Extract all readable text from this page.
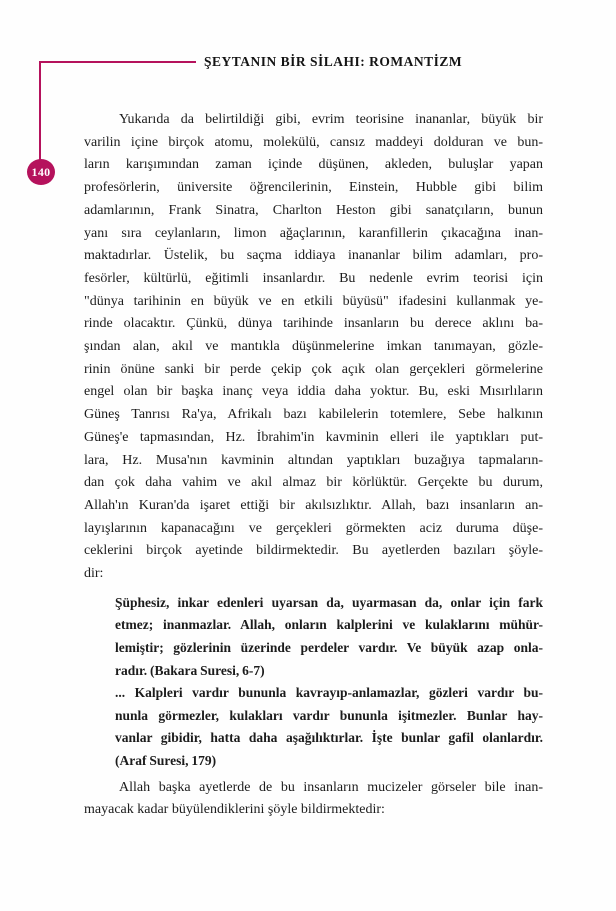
140
ŞEYTANIN BİR SİLAHI: ROMANTİZM
Yukarıda da belirtildiği gibi, evrim teorisine inananlar, büyük bir
varilin içine birçok atomu, molekülü, cansız maddeyi dolduran ve bun-
ların karışımından zaman içinde düşünen, akleden, buluşlar yapan
profesörlerin, üniversite öğrencilerinin, Einstein, Hubble gibi bilim
adamlarının, Frank Sinatra, Charlton Heston gibi sanatçıların, bunun
yanı sıra ceylanların, limon ağaçlarının, karanfillerin çıkacağına inan-
maktadırlar. Üstelik, bu saçma iddiaya inananlar bilim adamları, pro-
fesörler, kültürlü, eğitimli insanlardır. Bu nedenle evrim teorisi için
"dünya tarihinin en büyük ve en etkili büyüsü" ifadesini kullanmak ye-
rinde olacaktır. Çünkü, dünya tarihinde insanların bu derece aklını ba-
şından alan, akıl ve mantıkla düşünmelerine imkan tanımayan, gözle-
rinin önüne sanki bir perde çekip çok açık olan gerçekleri görmelerine
engel olan bir başka inanç veya iddia daha yoktur. Bu, eski Mısırlıların
Güneş Tanrısı Ra'ya, Afrikalı bazı kabilelerin totemlere, Sebe halkının
Güneş'e tapmasından, Hz. İbrahim'in kavminin elleri ile yaptıkları put-
lara, Hz. Musa'nın kavminin altından yaptıkları buzağıya tapmaların-
dan çok daha vahim ve akıl almaz bir körlüktür. Gerçekte bu durum,
Allah'ın Kuran'da işaret ettiği bir akılsızlıktır. Allah, bazı insanların an-
layışlarının kapanacağını ve gerçekleri görmekten aciz duruma düşe-
ceklerini birçok ayetinde bildirmektedir. Bu ayetlerden bazıları şöyle-
dir:
Şüphesiz, inkar edenleri uyarsan da, uyarmasan da, onlar için fark
etmez; inanmazlar. Allah, onların kalplerini ve kulaklarını mühür-
lemiştir; gözlerinin üzerinde perdeler vardır. Ve büyük azap onla-
radır. (Bakara Suresi, 6-7)
... Kalpleri vardır bununla kavrayıp-anlamazlar, gözleri vardır bu-
nunla görmezler, kulakları vardır bununla işitmezler. Bunlar hay-
vanlar gibidir, hatta daha aşağılıktırlar. İşte bunlar gafil olanlardır.
(Araf Suresi, 179)
Allah başka ayetlerde de bu insanların mucizeler görseler bile inan-
mayacak kadar büyülendiklerini şöyle bildirmektedir:
